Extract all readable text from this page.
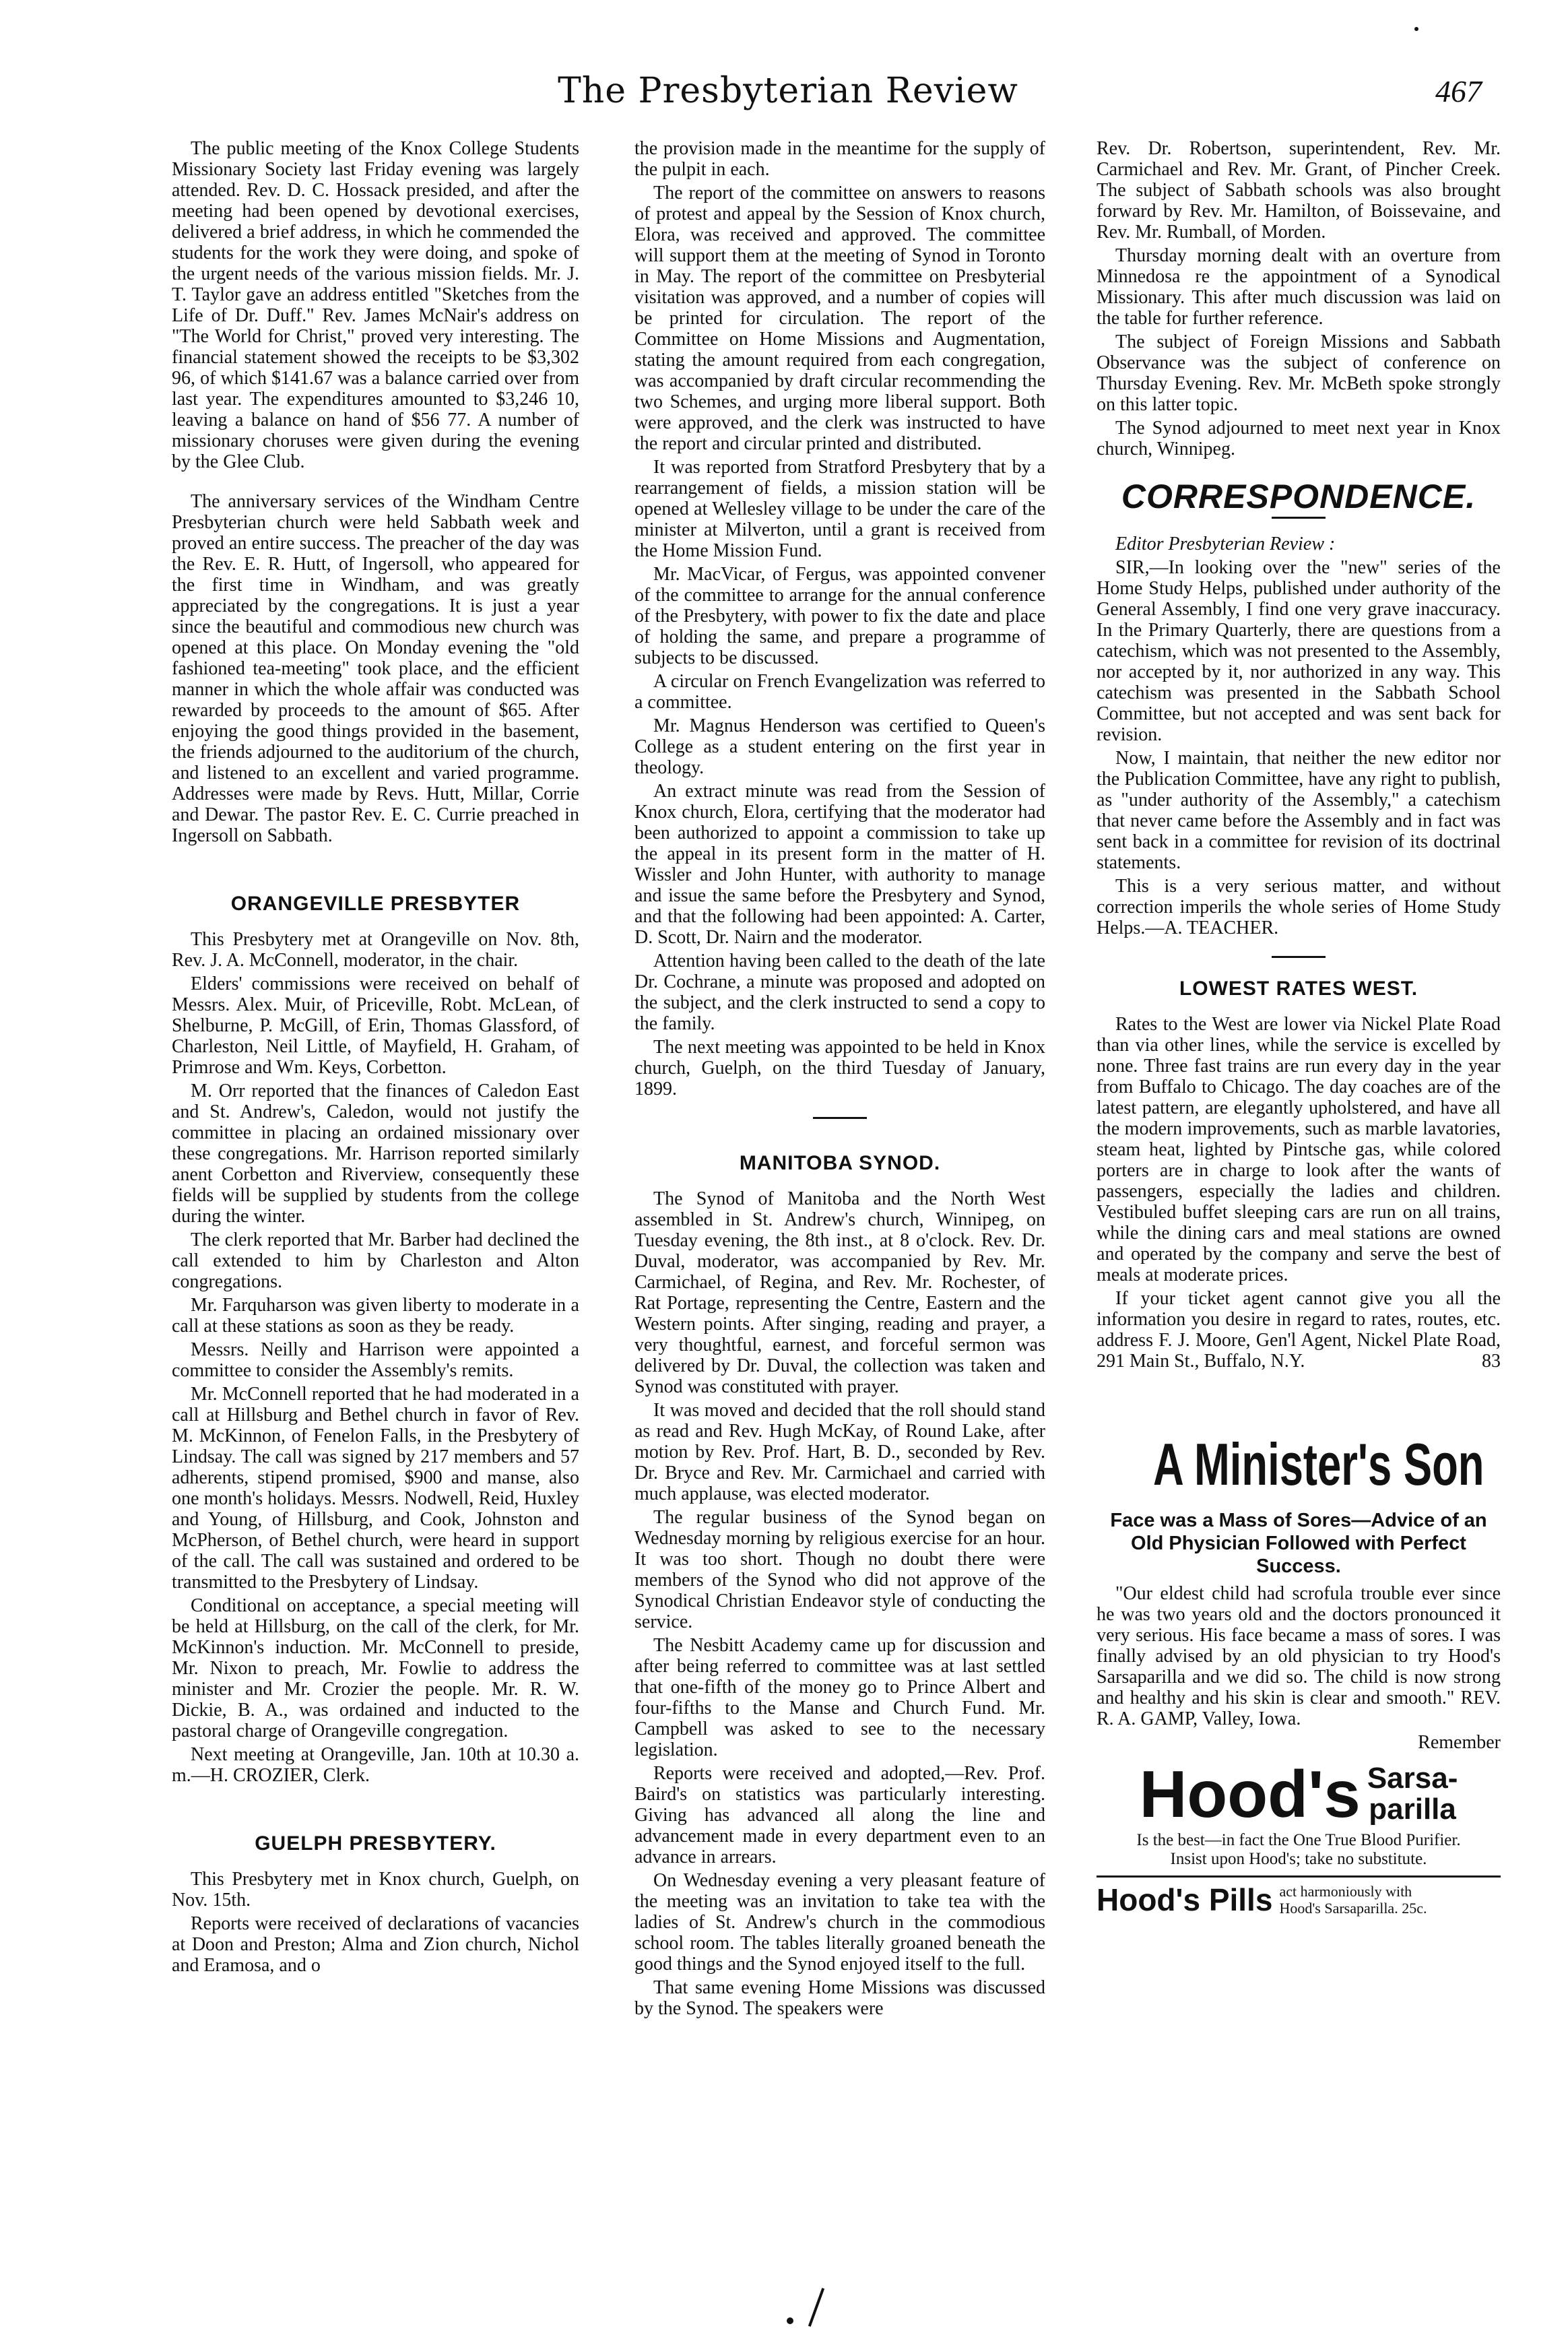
The Presbyterian Review	467

The public meeting of the Knox College Students Missionary Society last Friday evening was largely attended. Rev. D. C. Hossack presided, and after the meeting had been opened by devotional exercises, delivered a brief address, in which he commended the students for the work they were doing, and spoke of the urgent needs of the various mission fields. Mr. J. T. Taylor gave an address entitled "Sketches from the Life of Dr. Duff." Rev. James McNair's address on "The World for Christ," proved very interesting. The financial statement showed the receipts to be $3,302 96, of which $141.67 was a balance carried over from last year. The expenditures amounted to $3,246 10, leaving a balance on hand of $56 77. A number of missionary choruses were given during the evening by the Glee Club.

The anniversary services of the Windham Centre Presbyterian church were held Sabbath week and proved an entire success. The preacher of the day was the Rev. E. R. Hutt, of Ingersoll, who appeared for the first time in Windham, and was greatly appreciated by the congregations. It is just a year since the beautiful and commodious new church was opened at this place. On Monday evening the "old fashioned tea-meeting" took place, and the efficient manner in which the whole affair was conducted was rewarded by proceeds to the amount of $65. After enjoying the good things provided in the basement, the friends adjourned to the auditorium of the church, and listened to an excellent and varied programme. Addresses were made by Revs. Hutt, Millar, Corrie and Dewar. The pastor Rev. E. C. Currie preached in Ingersoll on Sabbath.

ORANGEVILLE PRESBYTER

This Presbytery met at Orangeville on Nov. 8th, Rev. J. A. McConnell, moderator, in the chair.

Elders' commissions were received on behalf of Messrs. Alex. Muir, of Priceville, Robt. McLean, of Shelburne, P. McGill, of Erin, Thomas Glassford, of Charleston, Neil Little, of Mayfield, H. Graham, of Primrose and Wm. Keys, Corbetton.

M. Orr reported that the finances of Caledon East and St. Andrew's, Caledon, would not justify the committee in placing an ordained missionary over these congregations. Mr. Harrison reported similarly anent Corbetton and Riverview, consequently these fields will be supplied by students from the college during the winter.

The clerk reported that Mr. Barber had declined the call extended to him by Charleston and Alton congregations.

Mr. Farquharson was given liberty to moderate in a call at these stations as soon as they be ready.

Messrs. Neilly and Harrison were appointed a committee to consider the Assembly's remits.

Mr. McConnell reported that he had moderated in a call at Hillsburg and Bethel church in favor of Rev. M. McKinnon, of Fenelon Falls, in the Presbytery of Lindsay. The call was signed by 217 members and 57 adherents, stipend promised, $900 and manse, also one month's holidays. Messrs. Nodwell, Reid, Huxley and Young, of Hillsburg, and Cook, Johnston and McPherson, of Bethel church, were heard in support of the call. The call was sustained and ordered to be transmitted to the Presbytery of Lindsay.

Conditional on acceptance, a special meeting will be held at Hillsburg, on the call of the clerk, for Mr. McKinnon's induction. Mr. McConnell to preside, Mr. Nixon to preach, Mr. Fowlie to address the minister and Mr. Crozier the people. Mr. R. W. Dickie, B. A., was ordained and inducted to the pastoral charge of Orangeville congregation.

Next meeting at Orangeville, Jan. 10th at 10.30 a. m.—H. CROZIER, Clerk.

GUELPH PRESBYTERY.

This Presbytery met in Knox church, Guelph, on Nov. 15th.

Reports were received of declarations of vacancies at Doon and Preston; Alma and Zion church, Nichol and Eramosa, and o

the provision made in the meantime for the supply of the pulpit in each.

The report of the committee on answers to reasons of protest and appeal by the Session of Knox church, Elora, was received and approved. The committee will support them at the meeting of Synod in Toronto in May. The report of the committee on Presbyterial visitation was approved, and a number of copies will be printed for circulation. The report of the Committee on Home Missions and Augmentation, stating the amount required from each congregation, was accompanied by draft circular recommending the two Schemes, and urging more liberal support. Both were approved, and the clerk was instructed to have the report and circular printed and distributed.

It was reported from Stratford Presbytery that by a rearrangement of fields, a mission station will be opened at Wellesley village to be under the care of the minister at Milverton, until a grant is received from the Home Mission Fund.

Mr. MacVicar, of Fergus, was appointed convener of the committee to arrange for the annual conference of the Presbytery, with power to fix the date and place of holding the same, and prepare a programme of subjects to be discussed.

A circular on French Evangelization was referred to a committee.

Mr. Magnus Henderson was certified to Queen's College as a student entering on the first year in theology.

An extract minute was read from the Session of Knox church, Elora, certifying that the moderator had been authorized to appoint a commission to take up the appeal in its present form in the matter of H. Wissler and John Hunter, with authority to manage and issue the same before the Presbytery and Synod, and that the following had been appointed: A. Carter, D. Scott, Dr. Nairn and the moderator.

Attention having been called to the death of the late Dr. Cochrane, a minute was proposed and adopted on the subject, and the clerk instructed to send a copy to the family.

The next meeting was appointed to be held in Knox church, Guelph, on the third Tuesday of January, 1899.

MANITOBA SYNOD.

The Synod of Manitoba and the North West assembled in St. Andrew's church, Winnipeg, on Tuesday evening, the 8th inst., at 8 o'clock. Rev. Dr. Duval, moderator, was accompanied by Rev. Mr. Carmichael, of Regina, and Rev. Mr. Rochester, of Rat Portage, representing the Centre, Eastern and the Western points. After singing, reading and prayer, a very thoughtful, earnest, and forceful sermon was delivered by Dr. Duval, the collection was taken and Synod was constituted with prayer.

It was moved and decided that the roll should stand as read and Rev. Hugh McKay, of Round Lake, after motion by Rev. Prof. Hart, B. D., seconded by Rev. Dr. Bryce and Rev. Mr. Carmichael and carried with much applause, was elected moderator.

The regular business of the Synod began on Wednesday morning by religious exercise for an hour. It was too short. Though no doubt there were members of the Synod who did not approve of the Synodical Christian Endeavor style of conducting the service.

The Nesbitt Academy came up for discussion and after being referred to committee was at last settled that one-fifth of the money go to Prince Albert and four-fifths to the Manse and Church Fund. Mr. Campbell was asked to see to the necessary legislation.

Reports were received and adopted,—Rev. Prof. Baird's on statistics was particularly interesting. Giving has advanced all along the line and advancement made in every department even to an advance in arrears.

On Wednesday evening a very pleasant feature of the meeting was an invitation to take tea with the ladies of St. Andrew's church in the commodious school room. The tables literally groaned beneath the good things and the Synod enjoyed itself to the full.

That same evening Home Missions was discussed by the Synod. The speakers were

Rev. Dr. Robertson, superintendent, Rev. Mr. Carmichael and Rev. Mr. Grant, of Pincher Creek. The subject of Sabbath schools was also brought forward by Rev. Mr. Hamilton, of Boissevaine, and Rev. Mr. Rumball, of Morden.

Thursday morning dealt with an overture from Minnedosa re the appointment of a Synodical Missionary. This after much discussion was laid on the table for further reference.

The subject of Foreign Missions and Sabbath Observance was the subject of conference on Thursday Evening. Rev. Mr. McBeth spoke strongly on this latter topic.

The Synod adjourned to meet next year in Knox church, Winnipeg.

CORRESPONDENCE.

Editor Presbyterian Review :

SIR,—In looking over the "new" series of the Home Study Helps, published under authority of the General Assembly, I find one very grave inaccuracy. In the Primary Quarterly, there are questions from a catechism, which was not presented to the Assembly, nor accepted by it, nor authorized in any way. This catechism was presented in the Sabbath School Committee, but not accepted and was sent back for revision.

Now, I maintain, that neither the new editor nor the Publication Committee, have any right to publish, as "under authority of the Assembly," a catechism that never came before the Assembly and in fact was sent back in a committee for revision of its doctrinal statements.

This is a very serious matter, and without correction imperils the whole series of Home Study Helps.—A. TEACHER.

LOWEST RATES WEST.

Rates to the West are lower via Nickel Plate Road than via other lines, while the service is excelled by none. Three fast trains are run every day in the year from Buffalo to Chicago. The day coaches are of the latest pattern, are elegantly upholstered, and have all the modern improvements, such as marble lavatories, steam heat, lighted by Pintsche gas, while colored porters are in charge to look after the wants of passengers, especially the ladies and children. Vestibuled buffet sleeping cars are run on all trains, while the dining cars and meal stations are owned and operated by the company and serve the best of meals at moderate prices.

If your ticket agent cannot give you all the information you desire in regard to rates, routes, etc. address F. J. Moore, Gen'l Agent, Nickel Plate Road, 291 Main St., Buffalo, N.Y.	83

A Minister's Son
Face was a Mass of Sores—Advice of an Old Physician Followed with Perfect Success.

"Our eldest child had scrofula trouble ever since he was two years old and the doctors pronounced it very serious. His face became a mass of sores. I was finally advised by an old physician to try Hood's Sarsaparilla and we did so. The child is now strong and healthy and his skin is clear and smooth." REV. R. A. GAMP, Valley, Iowa.

Remember

Hood's Sarsa-
parilla
Is the best—in fact the One True Blood Purifier.
Insist upon Hood's; take no substitute.
Hood's Pills act harmoniously with
Hood's Sarsaparilla. 25c.
